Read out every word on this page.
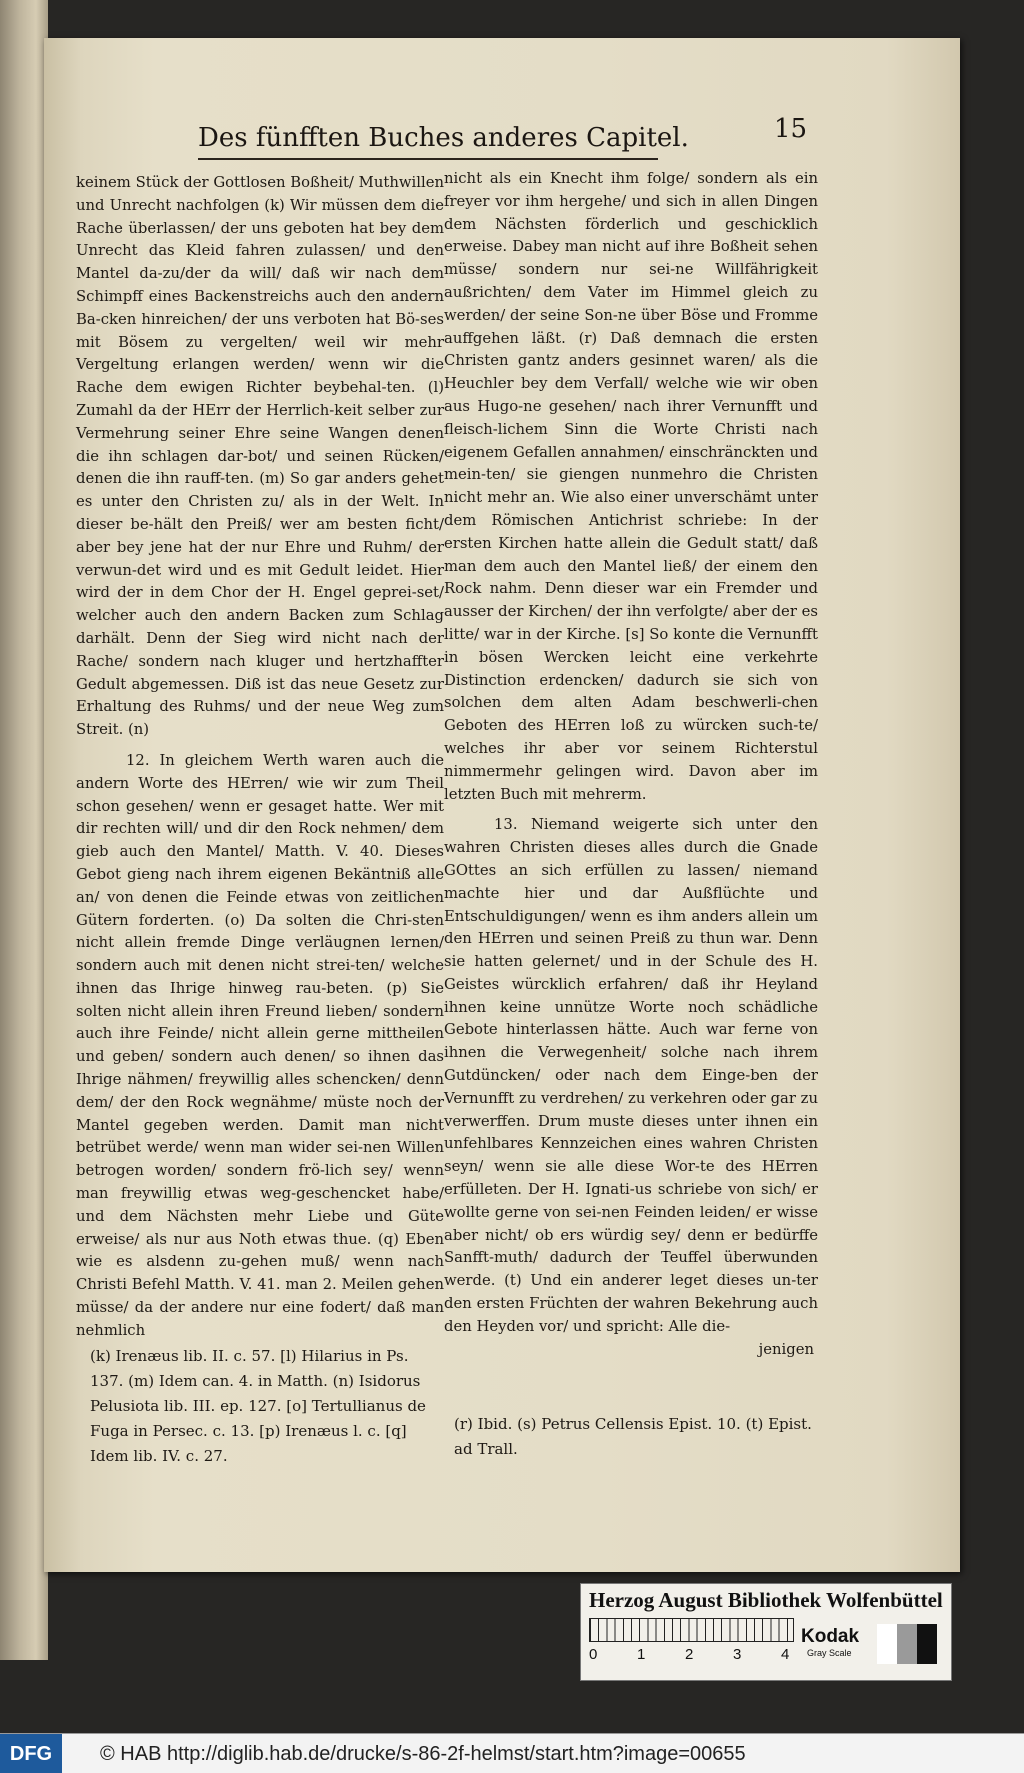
Des fünfften Buches anderes Capitel.	15

keinem Stück der Gottlosen Boßheit/ Muthwillen und Unrecht nachfolgen (k) Wir müssen dem die Rache überlassen/ der uns geboten hat bey dem Unrecht das Kleid fahren zulassen/ und den Mantel da-zu/der da will/ daß wir nach dem Schimpff eines Backenstreichs auch den andern Ba-cken hinreichen/ der uns verboten hat Bö-ses mit Bösem zu vergelten/ weil wir mehr Vergeltung erlangen werden/ wenn wir die Rache dem ewigen Richter beybehal-ten. (l) Zumahl da der HErr der Herrlich-keit selber zur Vermehrung seiner Ehre seine Wangen denen die ihn schlagen dar-bot/ und seinen Rücken/ denen die ihn rauff-ten. (m) So gar anders gehet es unter den Christen zu/ als in der Welt. In dieser be-hält den Preiß/ wer am besten ficht/ aber bey jene hat der nur Ehre und Ruhm/ der verwun-det wird und es mit Gedult leidet. Hier wird der in dem Chor der H. Engel geprei-set/ welcher auch den andern Backen zum Schlag darhält. Denn der Sieg wird nicht nach der Rache/ sondern nach kluger und hertzhaffter Gedult abgemessen. Diß ist das neue Gesetz zur Erhaltung des Ruhms/ und der neue Weg zum Streit. (n)

12. In gleichem Werth waren auch die andern Worte des HErren/ wie wir zum Theil schon gesehen/ wenn er gesaget hatte. Wer mit dir rechten will/ und dir den Rock nehmen/ dem gieb auch den Mantel/ Matth. V. 40. Dieses Gebot gieng nach ihrem eigenen Bekäntniß alle an/ von denen die Feinde etwas von zeitlichen Gütern forderten. (o) Da solten die Chri-sten nicht allein fremde Dinge verläugnen lernen/ sondern auch mit denen nicht strei-ten/ welche ihnen das Ihrige hinweg rau-beten. (p) Sie solten nicht allein ihren Freund lieben/ sondern auch ihre Feinde/ nicht allein gerne mittheilen und geben/ sondern auch denen/ so ihnen das Ihrige nähmen/ freywillig alles schencken/ denn dem/ der den Rock wegnähme/ müste noch der Mantel gegeben werden. Damit man nicht betrübet werde/ wenn man wider sei-nen Willen betrogen worden/ sondern frö-lich sey/ wenn man freywillig etwas weg-geschencket habe/ und dem Nächsten mehr Liebe und Güte erweise/ als nur aus Noth etwas thue. (q) Eben wie es alsdenn zu-gehen muß/ wenn nach Christi Befehl Matth. V. 41. man 2. Meilen gehen müsse/ da der andere nur eine fodert/ daß man nehmlich

nicht als ein Knecht ihm folge/ sondern als ein freyer vor ihm hergehe/ und sich in allen Dingen dem Nächsten förderlich und geschicklich erweise. Dabey man nicht auf ihre Boßheit sehen müsse/ sondern nur sei-ne Willfährigkeit außrichten/ dem Vater im Himmel gleich zu werden/ der seine Son-ne über Böse und Fromme auffgehen läßt. (r) Daß demnach die ersten Christen gantz anders gesinnet waren/ als die Heuchler bey dem Verfall/ welche wie wir oben aus Hugo-ne gesehen/ nach ihrer Vernunfft und fleisch-lichem Sinn die Worte Christi nach eigenem Gefallen annahmen/ einschränckten und mein-ten/ sie giengen nunmehro die Christen nicht mehr an. Wie also einer unverschämt unter dem Römischen Antichrist schriebe: In der ersten Kirchen hatte allein die Gedult statt/ daß man dem auch den Mantel ließ/ der einem den Rock nahm. Denn dieser war ein Fremder und ausser der Kirchen/ der ihn verfolgte/ aber der es litte/ war in der Kirche. [s] So konte die Vernunfft in bösen Wercken leicht eine verkehrte Distinction erdencken/ dadurch sie sich von solchen dem alten Adam beschwerli-chen Geboten des HErren loß zu würcken such-te/ welches ihr aber vor seinem Richterstul nimmermehr gelingen wird. Davon aber im letzten Buch mit mehrerm.

13. Niemand weigerte sich unter den wahren Christen dieses alles durch die Gnade GOttes an sich erfüllen zu lassen/ niemand machte hier und dar Außflüchte und Entschuldigungen/ wenn es ihm anders allein um den HErren und seinen Preiß zu thun war. Denn sie hatten gelernet/ und in der Schule des H. Geistes würcklich erfahren/ daß ihr Heyland ihnen keine unnütze Worte noch schädliche Gebote hinterlassen hätte. Auch war ferne von ihnen die Verwegenheit/ solche nach ihrem Gutdüncken/ oder nach dem Einge-ben der Vernunfft zu verdrehen/ zu verkehren oder gar zu verwerffen. Drum muste dieses unter ihnen ein unfehlbares Kennzeichen eines wahren Christen seyn/ wenn sie alle diese Wor-te des HErren erfülleten. Der H. Ignati-us schriebe von sich/ er wollte gerne von sei-nen Feinden leiden/ er wisse aber nicht/ ob ers würdig sey/ denn er bedürffe Sanfft-muth/ dadurch der Teuffel überwunden werde. (t) Und ein anderer leget dieses un-ter den ersten Früchten der wahren Bekehrung auch den Heyden vor/ und spricht: Alle die-

jenigen

(k) Irenæus lib. II. c. 57. [l) Hilarius in Ps. 137. (m) Idem can. 4. in Matth. (n) Isidorus Pelusiota lib. III. ep. 127. [o] Tertullianus de Fuga in Persec. c. 13. [p) Irenæus l. c. [q] Idem lib. IV. c. 27.
(r) Ibid. (s) Petrus Cellensis Epist. 10. (t) Epist. ad Trall.
Herzog August Bibliothek Wolfenbüttel
0	1	2	3	4
Kodak
Gray Scale
DFG	© HAB http://diglib.hab.de/drucke/s-86-2f-helmst/start.htm?image=00655
